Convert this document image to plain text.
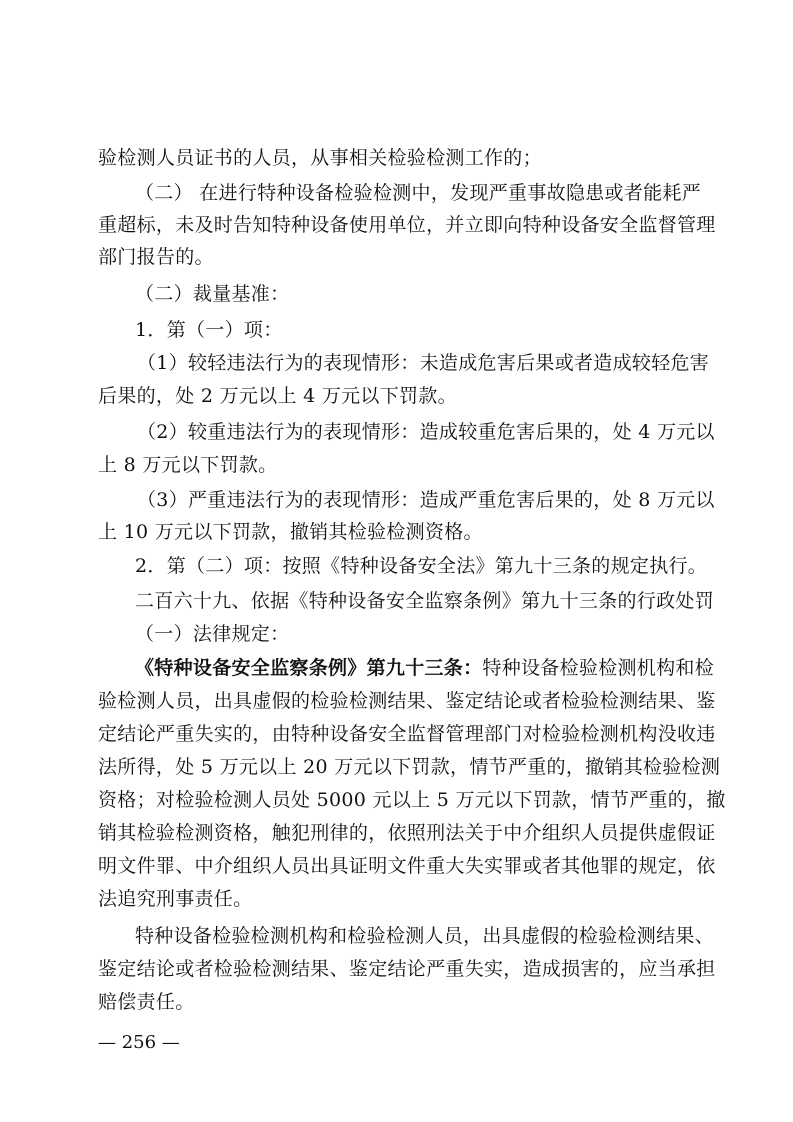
验检测人员证书的人员，从事相关检验检测工作的；
（二） 在进行特种设备检验检测中，发现严重事故隐患或者能耗严
重超标，未及时告知特种设备使用单位，并立即向特种设备安全监督管理
部门报告的。
（二）裁量基准：
1．第（一）项：
（1）较轻违法行为的表现情形：未造成危害后果或者造成较轻危害
后果的，处 2 万元以上 4 万元以下罚款。
（2）较重违法行为的表现情形：造成较重危害后果的，处 4 万元以
上 8 万元以下罚款。
（3）严重违法行为的表现情形：造成严重危害后果的，处 8 万元以
上 10 万元以下罚款，撤销其检验检测资格。
2．第（二）项：按照《特种设备安全法》第九十三条的规定执行。
二百六十九、依据《特种设备安全监察条例》第九十三条的行政处罚
（一）法律规定：
《特种设备安全监察条例》第九十三条：特种设备检验检测机构和检
验检测人员，出具虚假的检验检测结果、鉴定结论或者检验检测结果、鉴
定结论严重失实的，由特种设备安全监督管理部门对检验检测机构没收违
法所得，处 5 万元以上 20 万元以下罚款，情节严重的，撤销其检验检测
资格；对检验检测人员处 5000 元以上 5 万元以下罚款，情节严重的，撤
销其检验检测资格，触犯刑律的，依照刑法关于中介组织人员提供虚假证
明文件罪、中介组织人员出具证明文件重大失实罪或者其他罪的规定，依
法追究刑事责任。
特种设备检验检测机构和检验检测人员，出具虚假的检验检测结果、
鉴定结论或者检验检测结果、鉴定结论严重失实，造成损害的，应当承担
赔偿责任。
— 256 —
